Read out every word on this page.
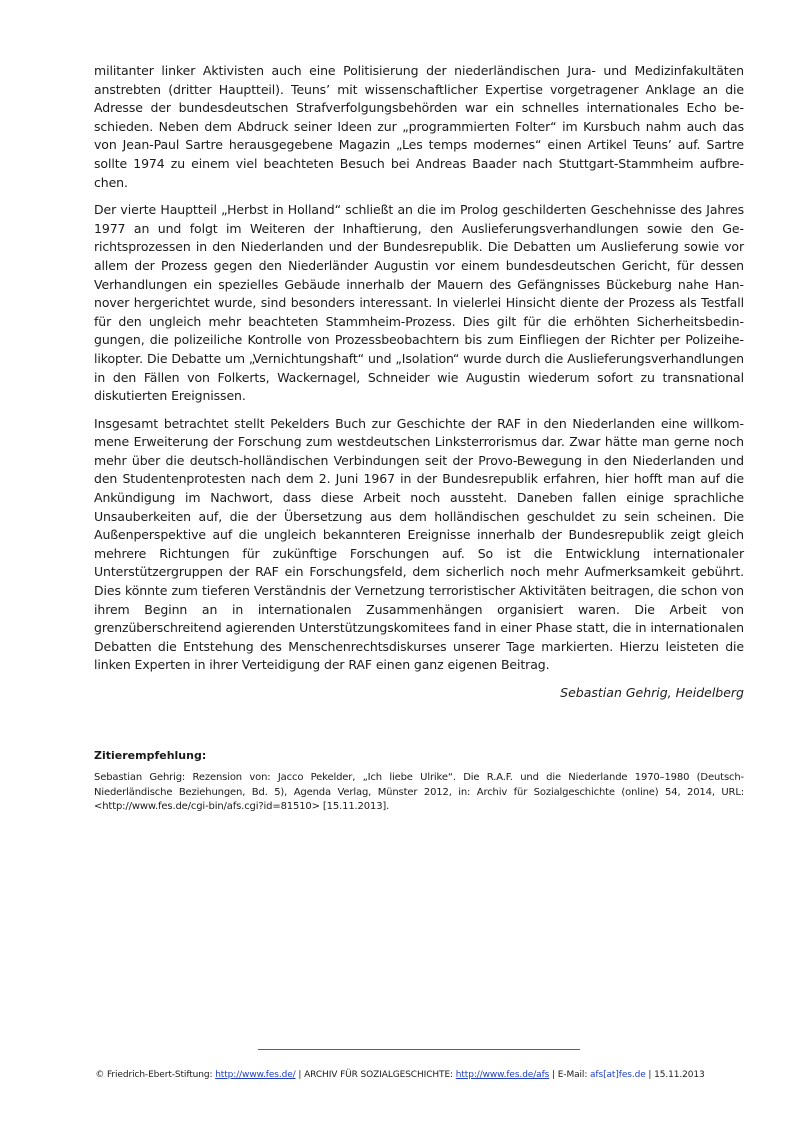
militanter linker Aktivisten auch eine Politisierung der niederländischen Jura- und Medizinfakultäten anstrebten (dritter Hauptteil). Teuns’ mit wissenschaftlicher Expertise vorgetragener Anklage an die Adresse der bundesdeutschen Strafverfolgungsbehörden war ein schnelles internationales Echo beschieden. Neben dem Abdruck seiner Ideen zur „programmierten Folter“ im Kursbuch nahm auch das von Jean-Paul Sartre herausgegebene Magazin „Les temps modernes“ einen Artikel Teuns’ auf. Sartre sollte 1974 zu einem viel beachteten Besuch bei Andreas Baader nach Stuttgart-Stammheim aufbrechen.

Der vierte Hauptteil „Herbst in Holland“ schließt an die im Prolog geschilderten Geschehnisse des Jahres 1977 an und folgt im Weiteren der Inhaftierung, den Auslieferungsverhandlungen sowie den Gerichtsprozessen in den Niederlanden und der Bundesrepublik. Die Debatten um Auslieferung sowie vor allem der Prozess gegen den Niederländer Augustin vor einem bundesdeutschen Gericht, für dessen Verhandlungen ein spezielles Gebäude innerhalb der Mauern des Gefängnisses Bückeburg nahe Hannover hergerichtet wurde, sind besonders interessant. In vielerlei Hinsicht diente der Prozess als Testfall für den ungleich mehr beachteten Stammheim-Prozess. Dies gilt für die erhöhten Sicherheitsbedingungen, die polizeiliche Kontrolle von Prozessbeobachtern bis zum Einfliegen der Richter per Polizeihelikopter. Die Debatte um „Vernichtungshaft“ und „Isolation“ wurde durch die Auslieferungsverhandlungen in den Fällen von Folkerts, Wackernagel, Schneider wie Augustin wiederum sofort zu transnational diskutierten Ereignissen.

Insgesamt betrachtet stellt Pekelders Buch zur Geschichte der RAF in den Niederlanden eine willkommene Erweiterung der Forschung zum westdeutschen Linksterrorismus dar. Zwar hätte man gerne noch mehr über die deutsch-holländischen Verbindungen seit der Provo-Bewegung in den Niederlanden und den Studentenprotesten nach dem 2. Juni 1967 in der Bundesrepublik erfahren, hier hofft man auf die Ankündigung im Nachwort, dass diese Arbeit noch aussteht. Daneben fallen einige sprachliche Unsauberkeiten auf, die der Übersetzung aus dem holländischen geschuldet zu sein scheinen. Die Außenperspektive auf die ungleich bekannteren Ereignisse innerhalb der Bundesrepublik zeigt gleich mehrere Richtungen für zukünftige Forschungen auf. So ist die Entwicklung internationaler Unterstützergruppen der RAF ein Forschungsfeld, dem sicherlich noch mehr Aufmerksamkeit gebührt. Dies könnte zum tieferen Verständnis der Vernetzung terroristischer Aktivitäten beitragen, die schon von ihrem Beginn an in internationalen Zusammenhängen organisiert waren. Die Arbeit von grenzüberschreitend agierenden Unterstützungskomitees fand in einer Phase statt, die in internationalen Debatten die Entstehung des Menschenrechtsdiskurses unserer Tage markierten. Hierzu leisteten die linken Experten in ihrer Verteidigung der RAF einen ganz eigenen Beitrag.

Sebastian Gehrig, Heidelberg

Zitierempfehlung:

Sebastian Gehrig: Rezension von: Jacco Pekelder, „Ich liebe Ulrike“. Die R.A.F. und die Niederlande 1970–1980 (Deutsch-Niederländische Beziehungen, Bd. 5), Agenda Verlag, Münster 2012, in: Archiv für Sozialgeschichte (online) 54, 2014, URL: <http://www.fes.de/cgi-bin/afs.cgi?id=81510> [15.11.2013].

© Friedrich-Ebert-Stiftung: http://www.fes.de/ | ARCHIV FÜR SOZIALGESCHICHTE: http://www.fes.de/afs | E-Mail: afs[at]fes.de | 15.11.2013
